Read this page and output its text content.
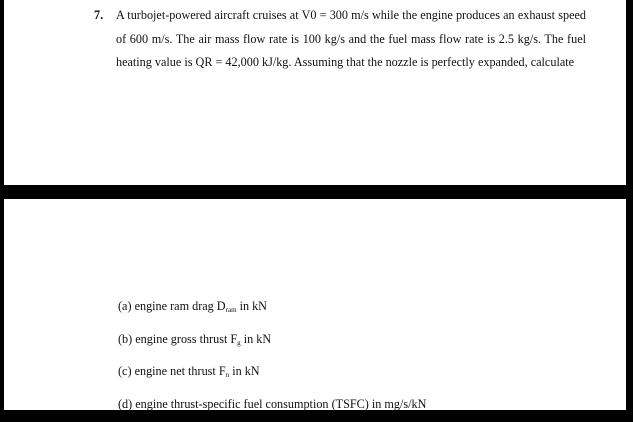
7.	A turbojet-powered aircraft cruises at V0 = 300 m/s while the engine produces an exhaust speed of 600 m/s. The air mass flow rate is 100 kg/s and the fuel mass flow rate is 2.5 kg/s. The fuel heating value is QR = 42,000 kJ/kg. Assuming that the nozzle is perfectly expanded, calculate
(a) engine ram drag $D_{ram}$ in kN
(b) engine gross thrust $F_g$ in kN
(c) engine net thrust $F_n$ in kN
(d) engine thrust-specific fuel consumption (TSFC) in mg/s/kN
